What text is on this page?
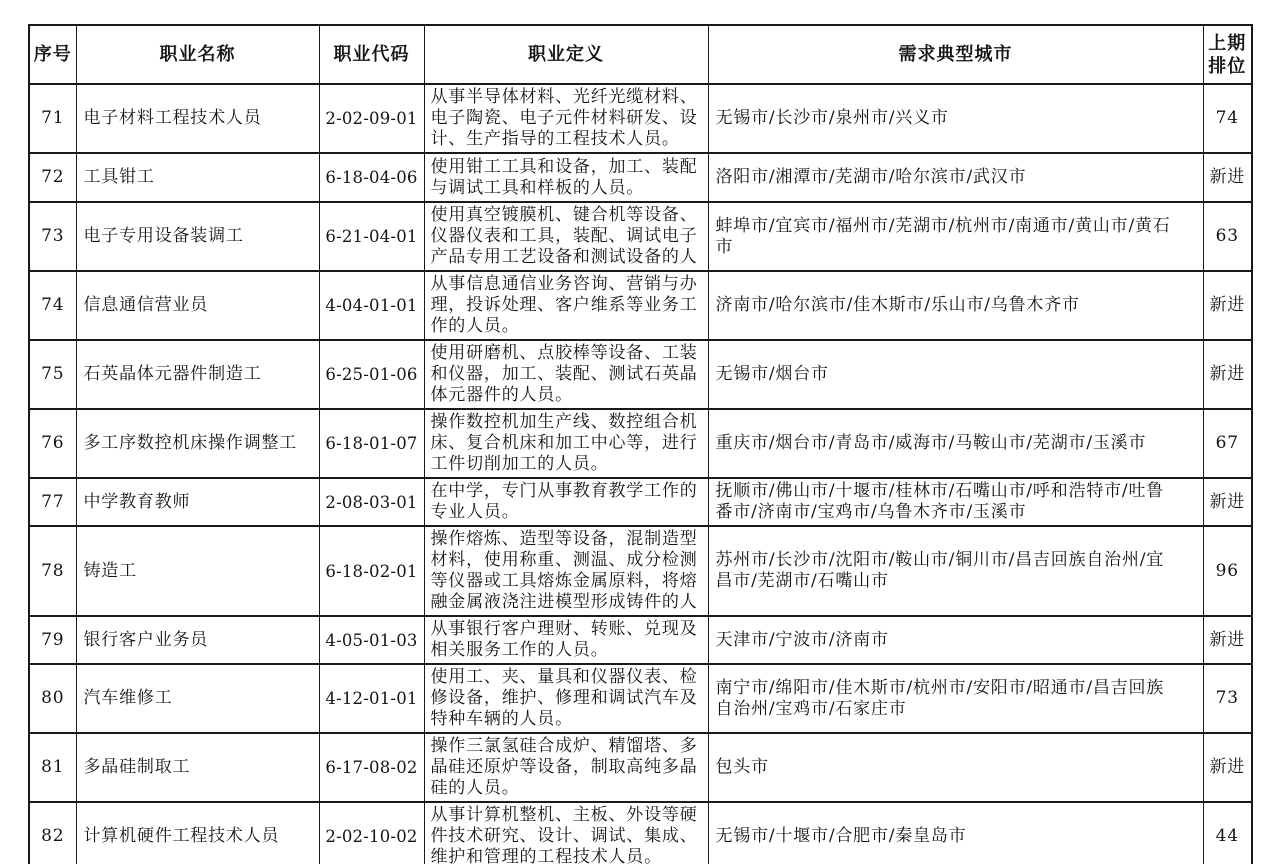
序号	职业名称	职业代码	职业定义	需求典型城市	上期排位
71	电子材料工程技术人员	2-02-09-01	从事半导体材料、光纤光缆材料、电子陶瓷、电子元件材料研发、设计、生产指导的工程技术人员。	无锡市/长沙市/泉州市/兴义市	74
72	工具钳工	6-18-04-06	使用钳工工具和设备，加工、装配与调试工具和样板的人员。	洛阳市/湘潭市/芜湖市/哈尔滨市/武汉市	新进
73	电子专用设备装调工	6-21-04-01	使用真空镀膜机、键合机等设备、仪器仪表和工具，装配、调试电子产品专用工艺设备和测试设备的人	蚌埠市/宜宾市/福州市/芜湖市/杭州市/南通市/黄山市/黄石市	63
74	信息通信营业员	4-04-01-01	从事信息通信业务咨询、营销与办理，投诉处理、客户维系等业务工作的人员。	济南市/哈尔滨市/佳木斯市/乐山市/乌鲁木齐市	新进
75	石英晶体元器件制造工	6-25-01-06	使用研磨机、点胶棒等设备、工装和仪器，加工、装配、测试石英晶体元器件的人员。	无锡市/烟台市	新进
76	多工序数控机床操作调整工	6-18-01-07	操作数控机加生产线、数控组合机床、复合机床和加工中心等，进行工件切削加工的人员。	重庆市/烟台市/青岛市/威海市/马鞍山市/芜湖市/玉溪市	67
77	中学教育教师	2-08-03-01	在中学，专门从事教育教学工作的专业人员。	抚顺市/佛山市/十堰市/桂林市/石嘴山市/呼和浩特市/吐鲁番市/济南市/宝鸡市/乌鲁木齐市/玉溪市	新进
78	铸造工	6-18-02-01	操作熔炼、造型等设备，混制造型材料，使用称重、测温、成分检测等仪器或工具熔炼金属原料，将熔融金属液浇注进模型形成铸件的人	苏州市/长沙市/沈阳市/鞍山市/铜川市/昌吉回族自治州/宜昌市/芜湖市/石嘴山市	96
79	银行客户业务员	4-05-01-03	从事银行客户理财、转账、兑现及相关服务工作的人员。	天津市/宁波市/济南市	新进
80	汽车维修工	4-12-01-01	使用工、夹、量具和仪器仪表、检修设备，维护、修理和调试汽车及特种车辆的人员。	南宁市/绵阳市/佳木斯市/杭州市/安阳市/昭通市/昌吉回族自治州/宝鸡市/石家庄市	73
81	多晶硅制取工	6-17-08-02	操作三氯氢硅合成炉、精馏塔、多晶硅还原炉等设备，制取高纯多晶硅的人员。	包头市	新进
82	计算机硬件工程技术人员	2-02-10-02	从事计算机整机、主板、外设等硬件技术研究、设计、调试、集成、维护和管理的工程技术人员。	无锡市/十堰市/合肥市/秦皇岛市	44
